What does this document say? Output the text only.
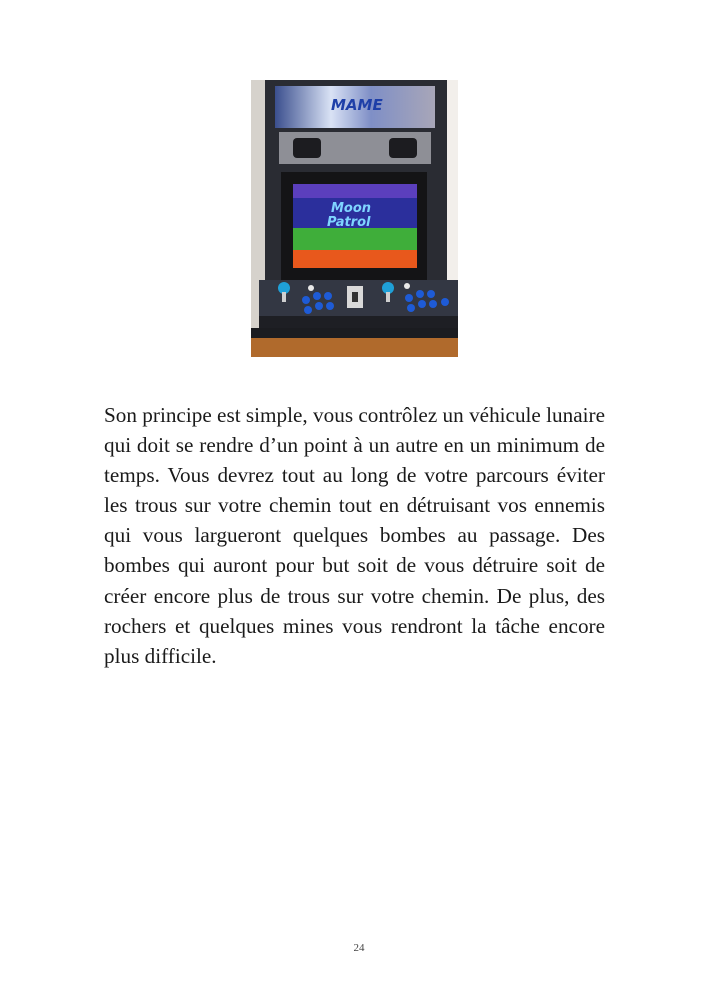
MAME
Moon
Patrol

Son principe est simple, vous contrôlez un véhicule lunaire qui doit se rendre d’un point à un autre en un minimum de temps. Vous devrez tout au long de votre parcours éviter les trous sur votre chemin tout en détruisant vos ennemis qui vous largueront quelques bombes au passage. Des bombes qui auront pour but soit de vous détruire soit de créer encore plus de trous sur votre chemin. De plus, des rochers et quelques mines vous rendront la tâche encore plus difficile.

24
